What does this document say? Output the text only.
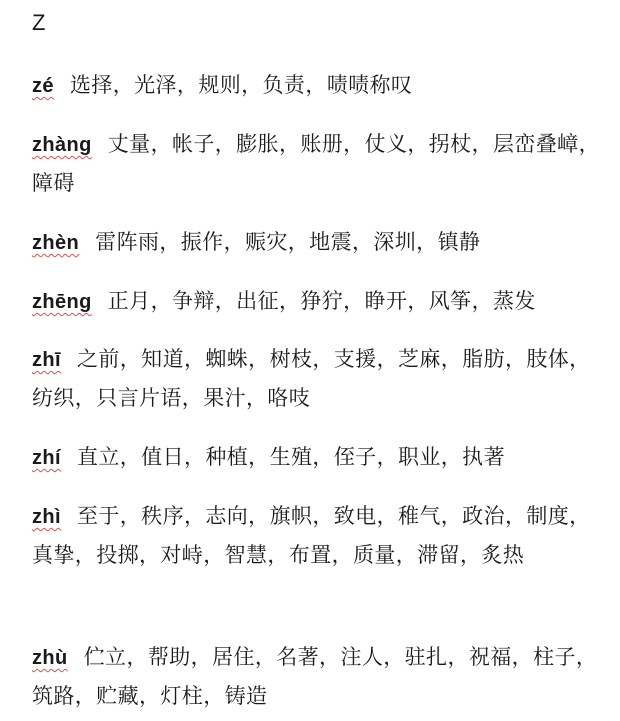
Z
zé 选择，光泽，规则，负责，啧啧称叹
zhàng 丈量，帐子，膨胀，账册，仗义，拐杖，层峦叠嶂，障碍
zhèn 雷阵雨，振作，赈灾，地震，深圳，镇静
zhēng 正月，争辩，出征，狰狞，睁开，风筝，蒸发
zhī 之前，知道，蜘蛛，树枝，支援，芝麻，脂肪，肢体，纺织，只言片语，果汁，咯吱
zhí 直立，值日，种植，生殖，侄子，职业，执著
zhì 至于，秩序，志向，旗帜，致电，稚气，政治，制度，真挚，投掷，对峙，智慧，布置，质量，滞留，炙热
zhù 伫立，帮助，居住，名著，注人，驻扎，祝福，柱子，筑路，贮藏，灯柱，铸造
